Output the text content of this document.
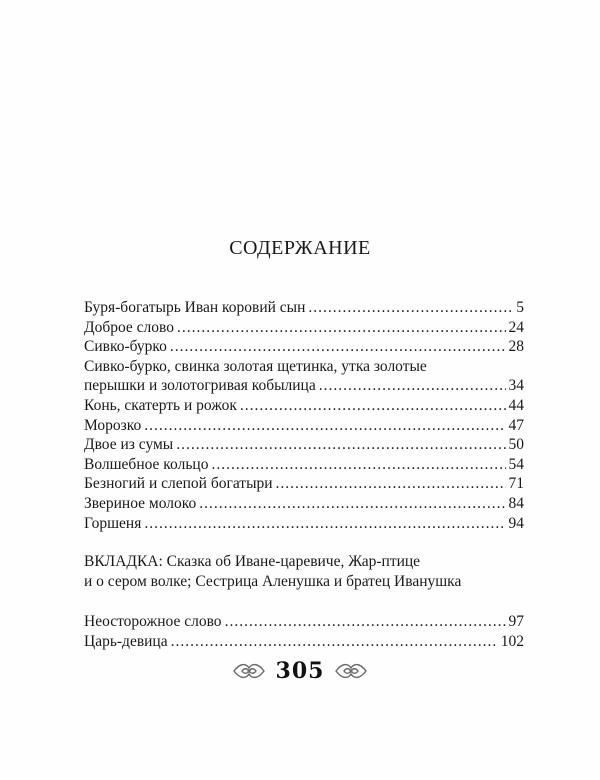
СОДЕРЖАНИЕ
Буря-богатырь Иван коровий сын .....	5
Доброе слово .....	24
Сивко-бурко .....	28
Сивко-бурко, свинка золотая щетинка, утка золотые
перышки и золотогривая кобылица .....	34
Конь, скатерть и рожок .....	44
Морозко .....	47
Двое из сумы .....	50
Волшебное кольцо .....	54
Безногий и слепой богатыри .....	71
Звериное молоко .....	84
Горшеня .....	94
ВКЛАДКА: Сказка об Иване-царевиче, Жар-птице
и о сером волке; Сестрица Аленушка и братец Иванушка
Неосторожное слово .....	97
Царь-девица .....	102
305
